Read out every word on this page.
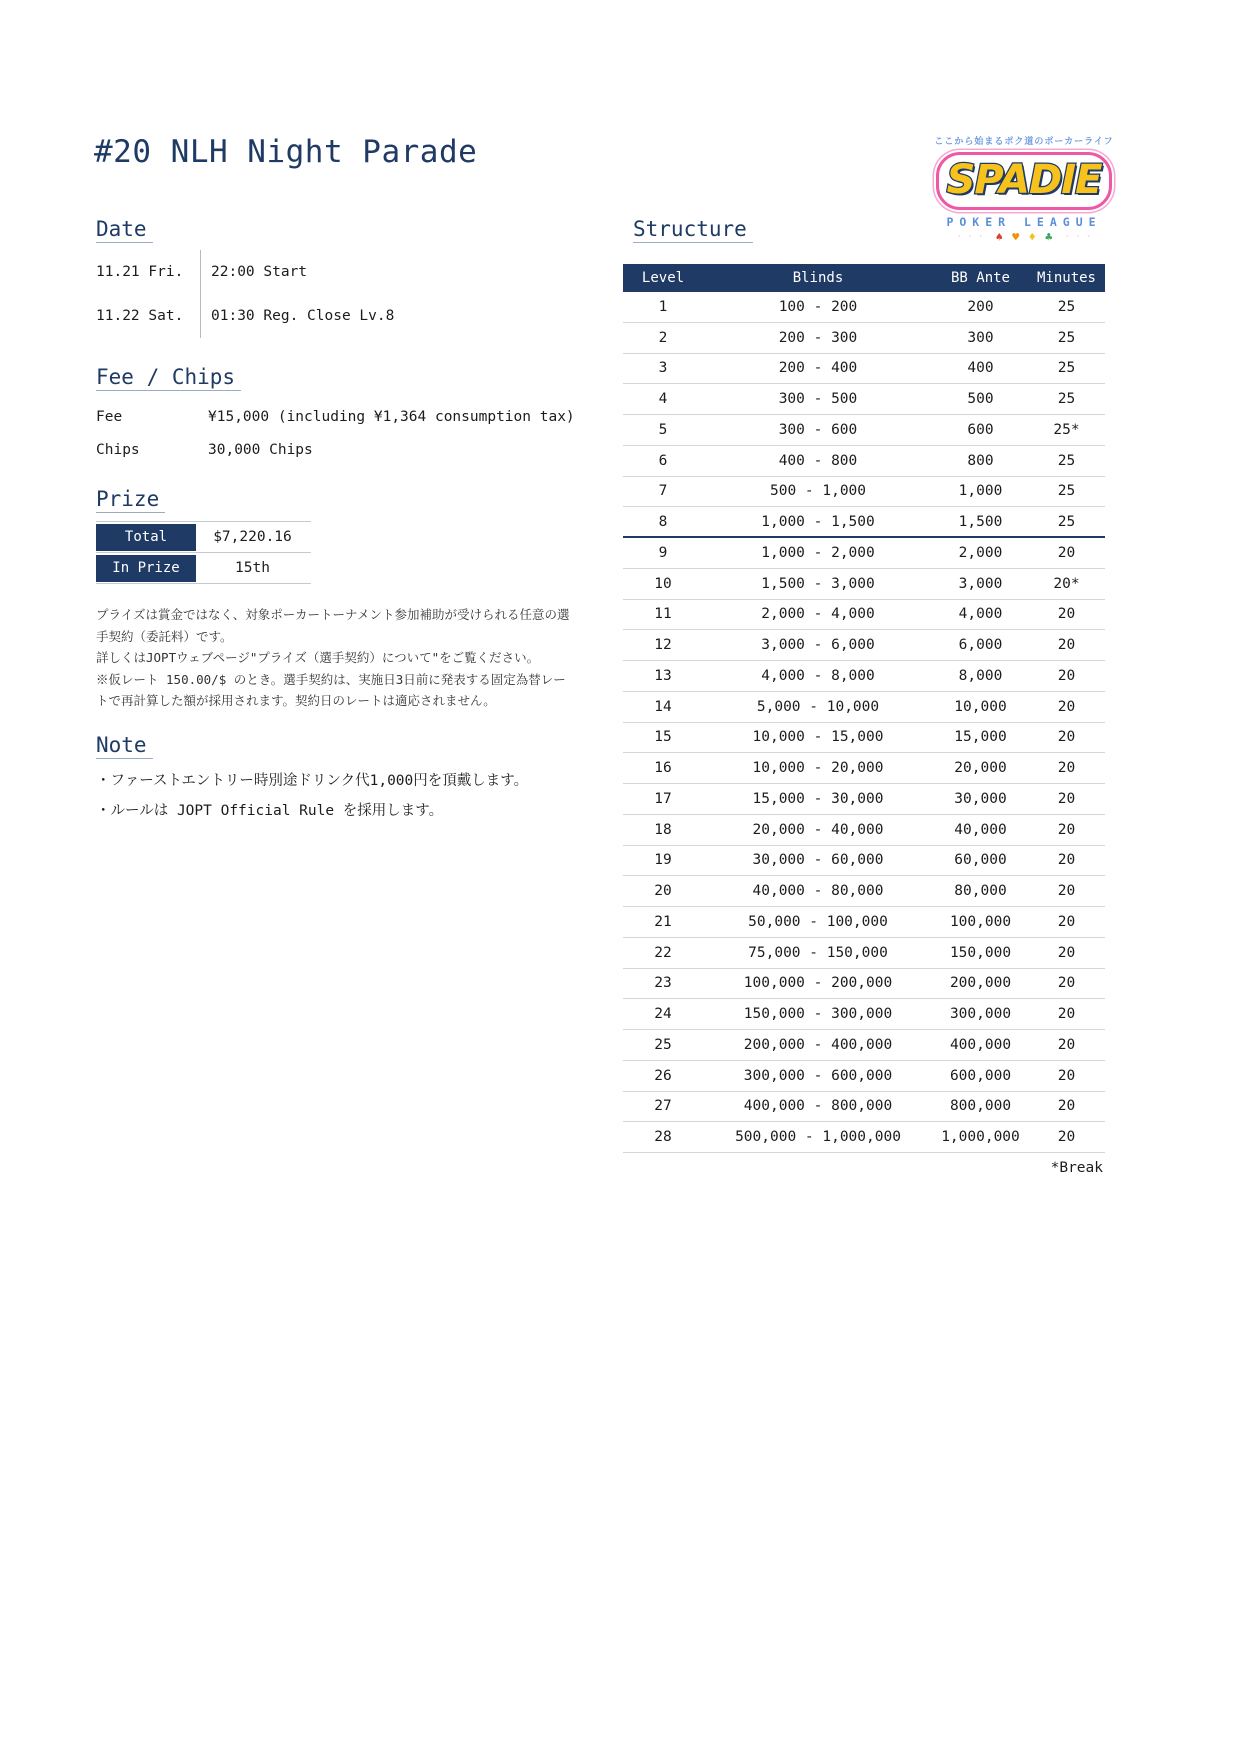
#20 NLH Night Parade	ここから始まるポク道のポーカーライフ
SPADIE
POKER LEAGUE
· · · ♠ ♥ ♦ ♣ · · ·
Date
11.21 Fri.	22:00 Start
11.22 Sat.	01:30 Reg. Close Lv.8
Fee / Chips
Fee	¥15,000 (including ¥1,364 consumption tax)
Chips	30,000 Chips
Prize
Total	$7,220.16
In Prize	15th
プライズは賞金ではなく、対象ポーカートーナメント参加補助が受けられる任意の選手契約（委託料）です。
詳しくはJOPTウェブページ"プライズ（選手契約）について"をご覧ください。
※仮レート 150.00/$ のとき。選手契約は、実施日3日前に発表する固定為替レートで再計算した額が採用されます。契約日のレートは適応されません。
Note
・ファーストエントリー時別途ドリンク代1,000円を頂戴します。
・ルールは JOPT Official Rule を採用します。
Structure
Level	Blinds	BB Ante	Minutes
1	100 - 200	200	25
2	200 - 300	300	25
3	200 - 400	400	25
4	300 - 500	500	25
5	300 - 600	600	25*
6	400 - 800	800	25
7	500 - 1,000	1,000	25
8	1,000 - 1,500	1,500	25
9	1,000 - 2,000	2,000	20
10	1,500 - 3,000	3,000	20*
11	2,000 - 4,000	4,000	20
12	3,000 - 6,000	6,000	20
13	4,000 - 8,000	8,000	20
14	5,000 - 10,000	10,000	20
15	10,000 - 15,000	15,000	20
16	10,000 - 20,000	20,000	20
17	15,000 - 30,000	30,000	20
18	20,000 - 40,000	40,000	20
19	30,000 - 60,000	60,000	20
20	40,000 - 80,000	80,000	20
21	50,000 - 100,000	100,000	20
22	75,000 - 150,000	150,000	20
23	100,000 - 200,000	200,000	20
24	150,000 - 300,000	300,000	20
25	200,000 - 400,000	400,000	20
26	300,000 - 600,000	600,000	20
27	400,000 - 800,000	800,000	20
28	500,000 - 1,000,000	1,000,000	20
*Break
